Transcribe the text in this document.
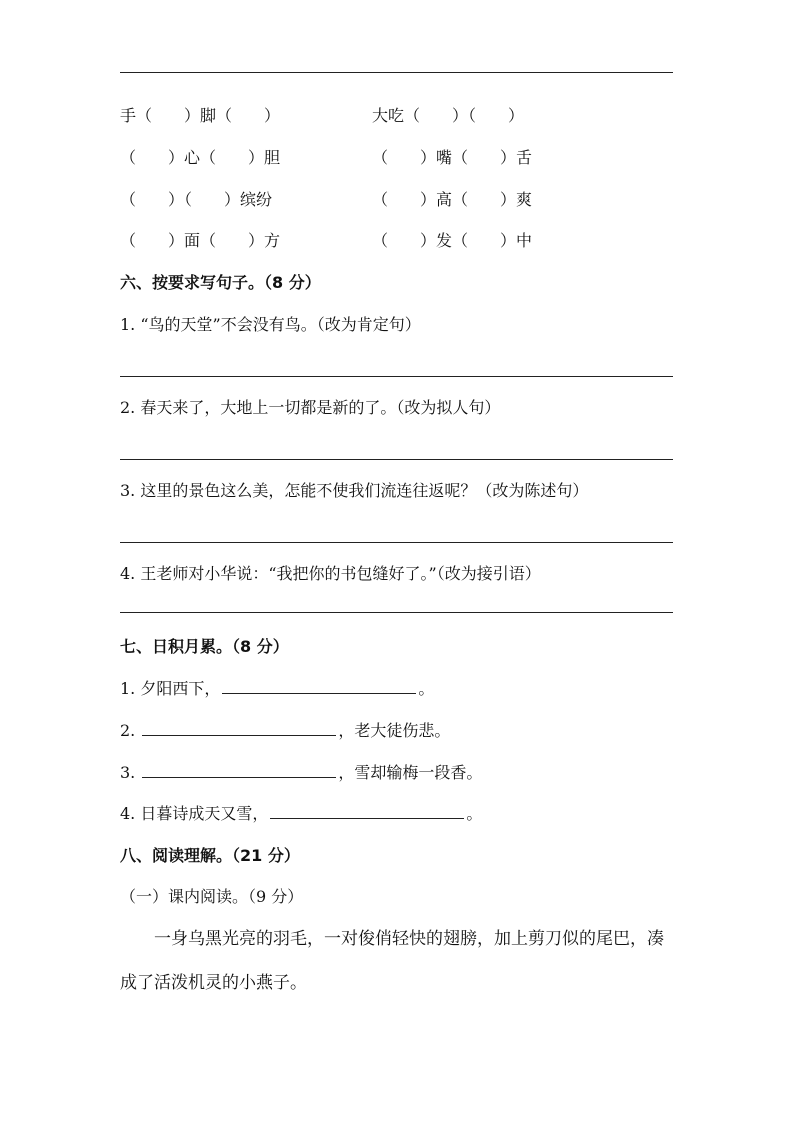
手（　　）脚（　　）	大吃（　　）（　　）
（　　）心（　　）胆	（　　）嘴（　　）舌
（　　）（　　）缤纷	（　　）高（　　）爽
（　　）面（　　）方	（　　）发（　　）中
六、按要求写句子。（8 分）
1. “鸟的天堂”不会没有鸟。（改为肯定句）
2. 春天来了，大地上一切都是新的了。（改为拟人句）
3. 这里的景色这么美，怎能不使我们流连往返呢？（改为陈述句）
4. 王老师对小华说：“我把你的书包缝好了。”（改为接引语）
七、日积月累。（8 分）
1. 夕阳西下，	。
2.	，老大徒伤悲。
3.	，雪却输梅一段香。
4. 日暮诗成天又雪，	。
八、阅读理解。（21 分）
（一）课内阅读。（9 分）
一身乌黑光亮的羽毛，一对俊俏轻快的翅膀，加上剪刀似的尾巴，凑成了活泼机灵的小燕子。
